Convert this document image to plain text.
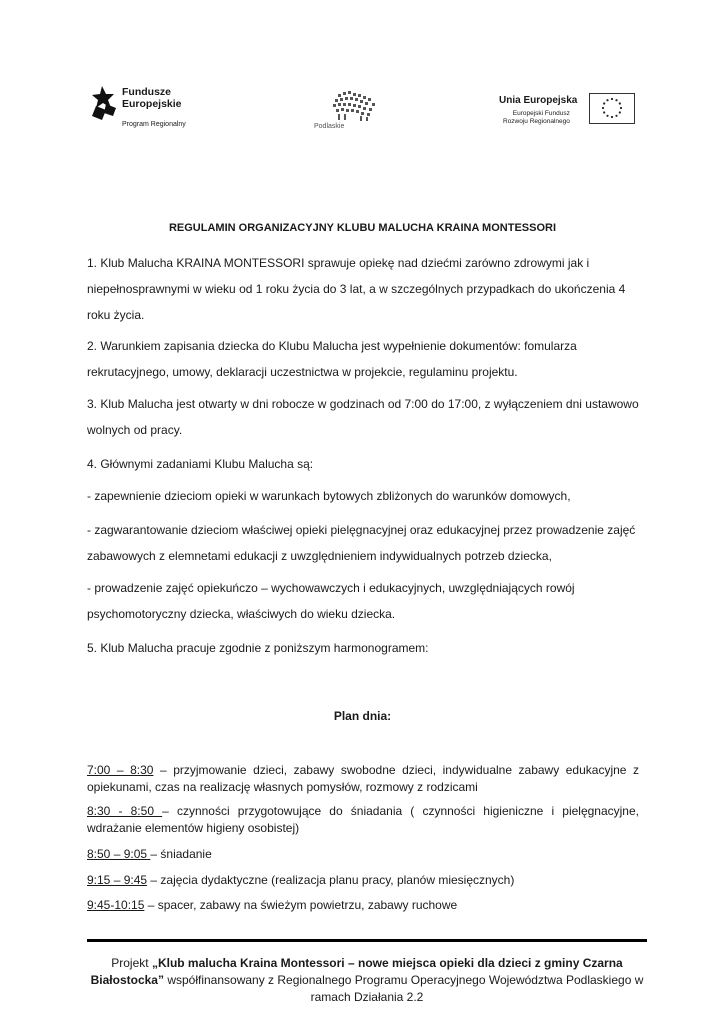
Fundusze
Europejskie
Program Regionalny	Podlaskie
Unia Europejska
Europejski Fundusz
Rozwoju Regionalnego
REGULAMIN ORGANIZACYJNY KLUBU MALUCHA KRAINA MONTESSORI

1. Klub Malucha KRAINA MONTESSORI sprawuje opiekę nad dziećmi zarówno zdrowymi jak i niepełnosprawnymi w wieku od 1 roku życia do 3 lat, a w szczególnych przypadkach do ukończenia 4 roku życia.

2. Warunkiem zapisania dziecka do Klubu Malucha jest wypełnienie dokumentów: fomularza rekrutacyjnego, umowy, deklaracji uczestnictwa w projekcie, regulaminu projektu.

3. Klub Malucha jest otwarty w dni robocze w godzinach od 7:00 do 17:00, z wyłączeniem dni ustawowo wolnych od pracy.

4. Głównymi zadaniami Klubu Malucha są:

- zapewnienie dzieciom opieki w warunkach bytowych zbliżonych do warunków domowych,

- zagwarantowanie dzieciom właściwej opieki pielęgnacyjnej oraz edukacyjnej przez prowadzenie zajęć zabawowych z elemnetami edukacji z uwzględnieniem indywidualnych potrzeb dziecka,

- prowadzenie zajęć opiekuńczo – wychowawczych i edukacyjnych, uwzględniających rowój psychomotoryczny dziecka, właściwych do wieku dziecka.

5. Klub Malucha pracuje zgodnie z poniższym harmonogramem:

Plan dnia:
7:00 – 8:30 – przyjmowanie dzieci, zabawy swobodne dzieci, indywidualne zabawy edukacyjne z opiekunami, czas na realizację własnych pomysłów, rozmowy z rodzicami
8:30 - 8:50 – czynności przygotowujące do śniadania ( czynności higieniczne i pielęgnacyjne, wdrażanie elementów higieny osobistej)
8:50 – 9:05 – śniadanie
9:15 – 9:45 – zajęcia dydaktyczne (realizacja planu pracy, planów miesięcznych)
9:45-10:15 – spacer, zabawy na świeżym powietrzu, zabawy ruchowe
Projekt „Klub malucha Kraina Montessori – nowe miejsca opieki dla dzieci z gminy Czarna Białostocka” współfinansowany z Regionalnego Programu Operacyjnego Województwa Podlaskiego w ramach Działania 2.2
